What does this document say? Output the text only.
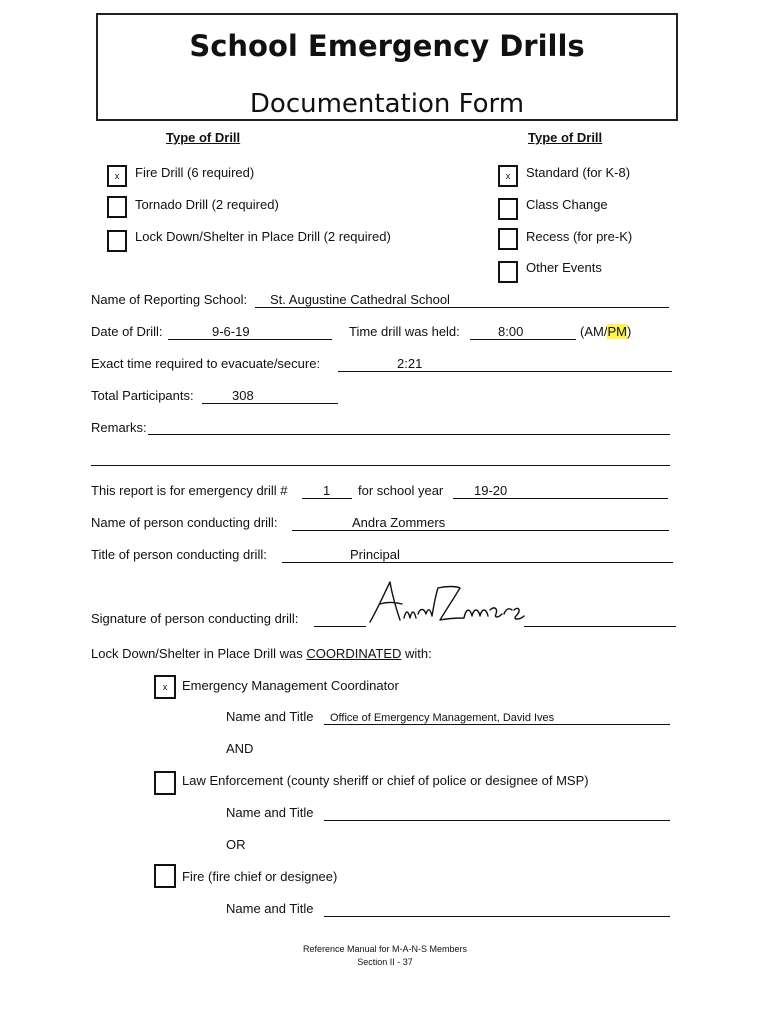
School Emergency Drills
Documentation Form
Type of Drill	Type of Drill
x	Fire Drill (6 required)
Tornado Drill (2 required)
Lock Down/Shelter in Place Drill (2 required)
x	Standard (for K-8)
Class Change
Recess (for pre-K)
Other Events
Name of Reporting School: St. Augustine Cathedral School
Date of Drill:	9-6-19	Time drill was held:	8:00	(AM/PM)
Exact time required to evacuate/secure:	2:21
Total Participants:	308
Remarks:
This report is for emergency drill #	1 for school year 19-20
Name of person conducting drill:	Andra Zommers
Title of person conducting drill:	Principal
Signature of person conducting drill:
Lock Down/Shelter in Place Drill was COORDINATED with:
x	Emergency Management Coordinator
Name and Title Office of Emergency Management, David Ives
AND
Law Enforcement (county sheriff or chief of police or designee of MSP)
Name and Title
OR
Fire (fire chief or designee)
Name and Title
Reference Manual for M-A-N-S Members
Section II - 37
